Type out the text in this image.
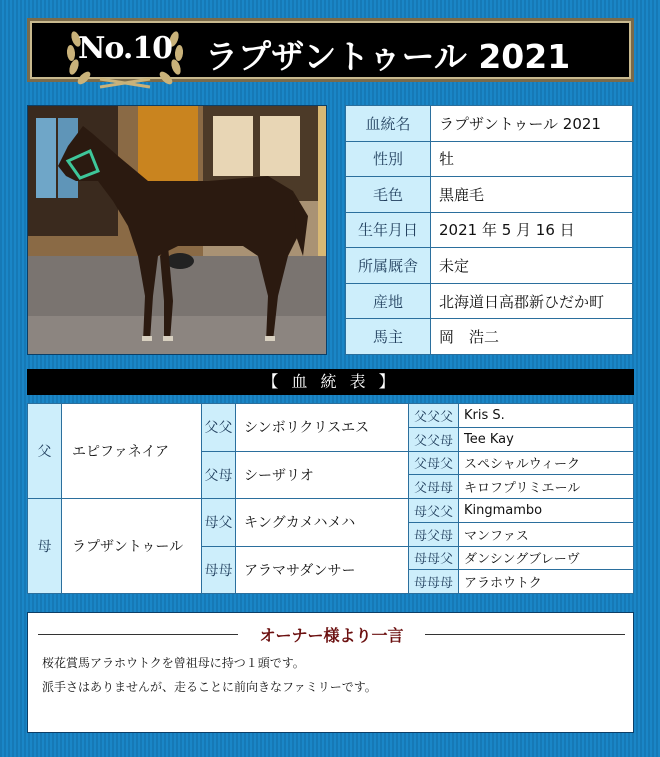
No.10 ラプザントゥール 2021
血統名	ラプザントゥール 2021
性別	牡
毛色	黒鹿毛
生年月日	2021 年 5 月 16 日
所属厩舎	未定
産地	北海道日高郡新ひだか町
馬主	岡　浩二
【 血 統 表 】
父	エピファネイア	父父	シンボリクリスエス	父父父	Kris S.
				父父母	Tee Kay
		父母	シーザリオ	父母父	スペシャルウィーク
				父母母	キロフプリミエール
母	ラプザントゥール	母父	キングカメハメハ	母父父	Kingmambo
				母父母	マンファス
		母母	アラマサダンサー	母母父	ダンシングブレーヴ
				母母母	アラホウトク
オーナー様より一言
桜花賞馬アラホウトクを曾祖母に持つ１頭です。
派手さはありませんが、走ることに前向きなファミリーです。
